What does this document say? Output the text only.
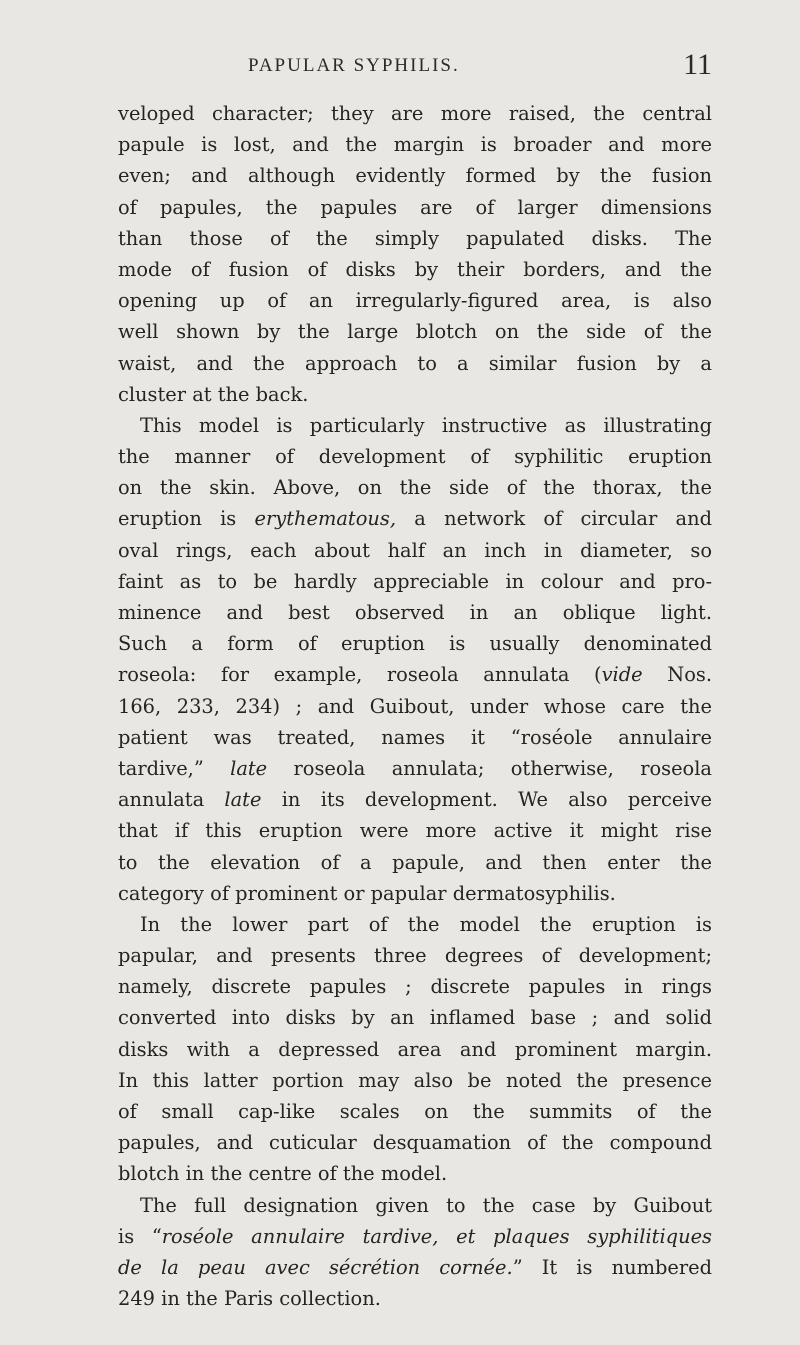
PAPULAR SYPHILIS.	11
veloped character; they are more raised, the central
papule is lost, and the margin is broader and more
even; and although evidently formed by the fusion
of papules, the papules are of larger dimensions
than those of the simply papulated disks. The
mode of fusion of disks by their borders, and the
opening up of an irregularly-figured area, is also
well shown by the large blotch on the side of the
waist, and the approach to a similar fusion by a
cluster at the back.
This model is particularly instructive as illustrating
the manner of development of syphilitic eruption
on the skin. Above, on the side of the thorax, the
eruption is erythematous, a network of circular and
oval rings, each about half an inch in diameter, so
faint as to be hardly appreciable in colour and pro-
minence and best observed in an oblique light.
Such a form of eruption is usually denominated
roseola: for example, roseola annulata (vide Nos.
166, 233, 234) ; and Guibout, under whose care the
patient was treated, names it “roséole annulaire
tardive,” late roseola annulata; otherwise, roseola
annulata late in its development. We also perceive
that if this eruption were more active it might rise
to the elevation of a papule, and then enter the
category of prominent or papular dermatosyphilis.
In the lower part of the model the eruption is
papular, and presents three degrees of development;
namely, discrete papules ; discrete papules in rings
converted into disks by an inflamed base ; and solid
disks with a depressed area and prominent margin.
In this latter portion may also be noted the presence
of small cap-like scales on the summits of the
papules, and cuticular desquamation of the compound
blotch in the centre of the model.
The full designation given to the case by Guibout
is “roséole annulaire tardive, et plaques syphilitiques
de la peau avec sécrétion cornée.” It is numbered
249 in the Paris collection.
